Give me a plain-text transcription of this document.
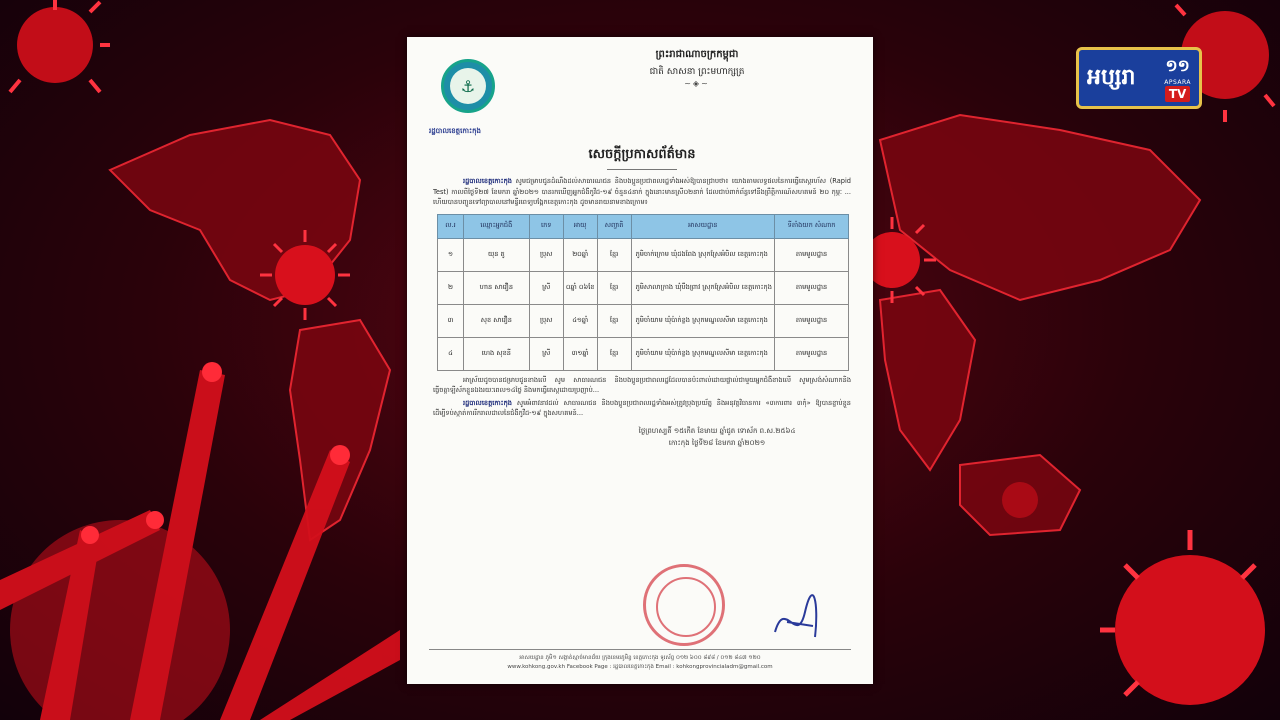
អប្សរា ១១
APSARA
TV
⚓
រដ្ឋបាលខេត្តកោះកុង
ព្រះរាជាណាចក្រកម្ពុជា
ជាតិ សាសនា ព្រះមហាក្សត្រ
~◈~
សេចក្តីប្រកាសព័ត៌មាន

រដ្ឋបាលខេត្តកោះកុង សូមជម្រាបជូនដំណឹងដល់សាធារណជន និងបងប្អូនប្រជាពលរដ្ឋទាំងអស់ឱ្យបានជ្រាបថា៖ យោងតាមលទ្ធផលនៃការធ្វើតេស្តរហ័ស (Rapid Test) កាលពីថ្ងៃទី២៧ ខែមករា ឆ្នាំ២០២១ បានរកឃើញអ្នកជំងឺកូវីដ-១៩ ចំនួន៤នាក់ ក្នុងនោះមានស្រី០២នាក់ ដែលជាប់ពាក់ព័ន្ធទៅនឹងព្រឹត្តិការណ៍សហគមន៍ ២០ កុម្ភៈ ... ហើយបានបញ្ជូនទៅព្យាបាលនៅមន្ទីរពេទ្យបង្អែកខេត្តកោះកុង ដូចមានរាយនាមខាងក្រោម៖

ល.រ	ឈ្មោះអ្នកជំងឺ	ភេទ	អាយុ	សញ្ជាតិ	អាសយដ្ឋាន	ទីតាំងយក សំណាក
១	យុន តូ	ប្រុស	២០ឆ្នាំ	ខ្មែរ	ភូមិចាក់ក្រោម ឃុំដងពែង ស្រុកស្រែអំបិល ខេត្តកោះកុង	តាមមូលដ្ឋាន
២	ហាន សាវឿន	ស្រី	០ឆ្នាំ ០៦ខែ	ខ្មែរ	ភូមិសាលាក្រាង ឃុំបឹងព្រាវ ស្រុកស្រែអំបិល ខេត្តកោះកុង	តាមមូលដ្ឋាន
៣	សុខ សាវឿន	ប្រុស	៤១ឆ្នាំ	ខ្មែរ	ភូមិចាំយាម ឃុំប៉ាក់ខ្លង ស្រុកមណ្ឌលសីមា ខេត្តកោះកុង	តាមមូលដ្ឋាន
៤	ហេង សុខនី	ស្រី	៣១ឆ្នាំ	ខ្មែរ	ភូមិចាំយាម ឃុំប៉ាក់ខ្លង ស្រុកមណ្ឌលសីមា ខេត្តកោះកុង	តាមមូលដ្ឋាន

អាស្រ័យដូចបានជម្រាបជូនខាងលើ សូម សាធារណជន និងបងប្អូនប្រជាពលរដ្ឋដែលបានប៉ះពាល់ដោយផ្ទាល់ជាមួយអ្នកជំងឺខាងលើ សូមស្រង់សំណាកនិងធ្វើចត្តាឡីស័កខ្លួនឯងរយៈពេល១៤ថ្ងៃ និងមកធ្វើតេស្តដោយប្រញាប់...

រដ្ឋបាលខេត្តកោះកុង សូមអំពាវនាវដល់ សាធារណជន និងបងប្អូនប្រជាពលរដ្ឋទាំងអស់ត្រូវប្រុងប្រយ័ត្ន និងអនុវត្តវិធានការ «៣ការពារ ៣កុំ» ឱ្យបានខ្ជាប់ខ្ជួន ដើម្បីទប់ស្កាត់ការរីករាលដាលនៃជំងឺកូវីដ-១៩ ក្នុងសហគមន៍...

ថ្ងៃព្រហស្បតិ៍ ១៥កើត ខែមាឃ ឆ្នាំជូត ទោស័ក ព.ស.២៥៦៤
កោះកុង ថ្ងៃទី២៨ ខែមករា ឆ្នាំ២០២១
អាសយដ្ឋាន ភូមិ១ សង្កាត់ស្មាច់មានជ័យ ក្រុងខេមរភូមិន្ទ ខេត្តកោះកុង ទូរស័ព្ទ ០១២ ៦០០ ៨៩៨ / ០១២ ៨៤៧ ១២០
www.kohkong.gov.kh Facebook Page : រដ្ឋបាលខេត្តកោះកុង Email : kohkongprovincialadm@gmail.com
